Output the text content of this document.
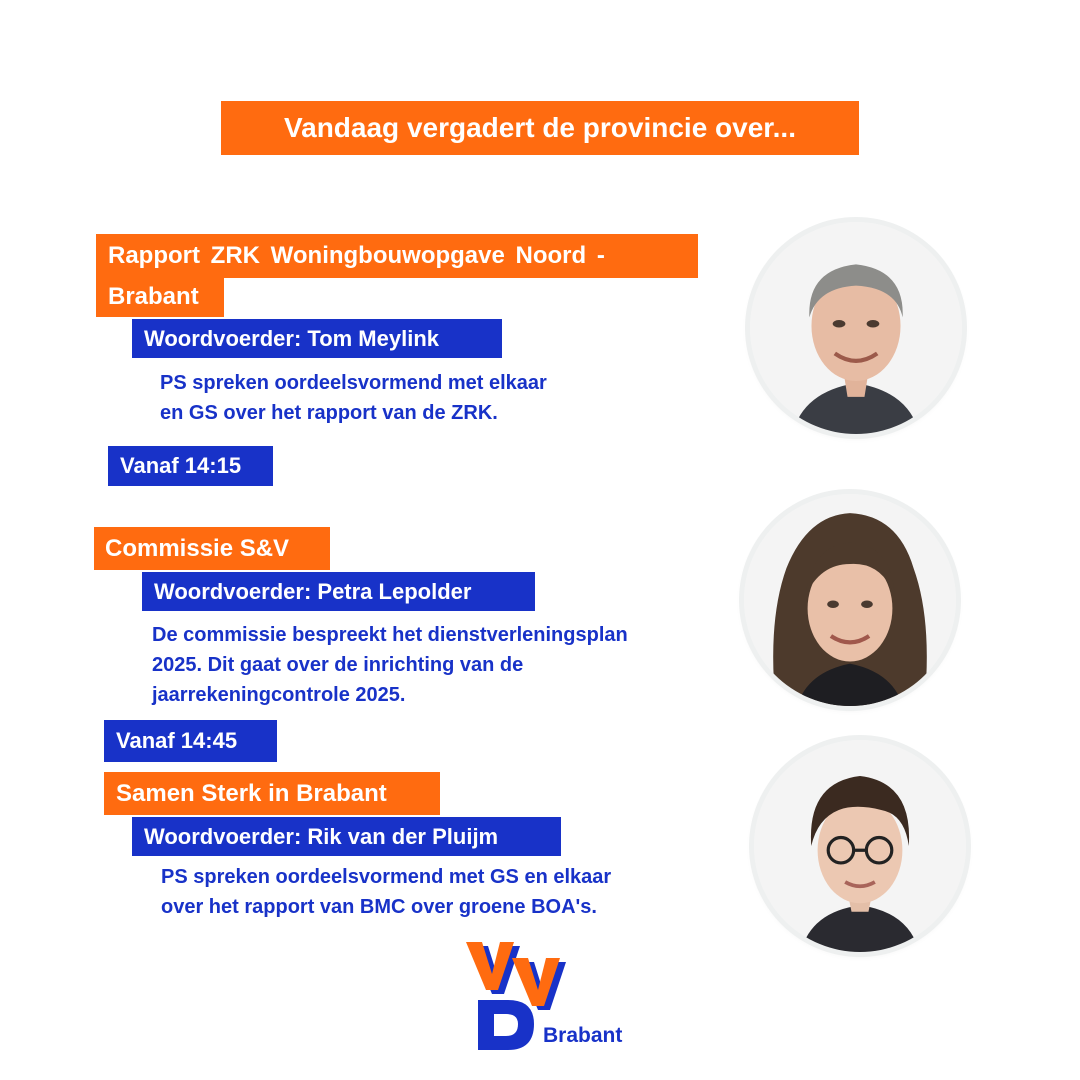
Vandaag vergadert de provincie over...
Rapport ZRK Woningbouwopgave Noord -
Brabant
Woordvoerder: Tom Meylink
PS spreken oordeelsvormend met elkaar
en GS over het rapport van de ZRK.
Vanaf 14:15
Commissie S&V
Woordvoerder: Petra Lepolder
De commissie bespreekt het dienstverleningsplan
2025. Dit gaat over de inrichting van de
jaarrekeningcontrole 2025.
Vanaf 14:45
Samen Sterk in Brabant
Woordvoerder: Rik van der Pluijm
PS spreken oordeelsvormend met GS en elkaar
over het rapport van BMC over groene BOA's.
Brabant
